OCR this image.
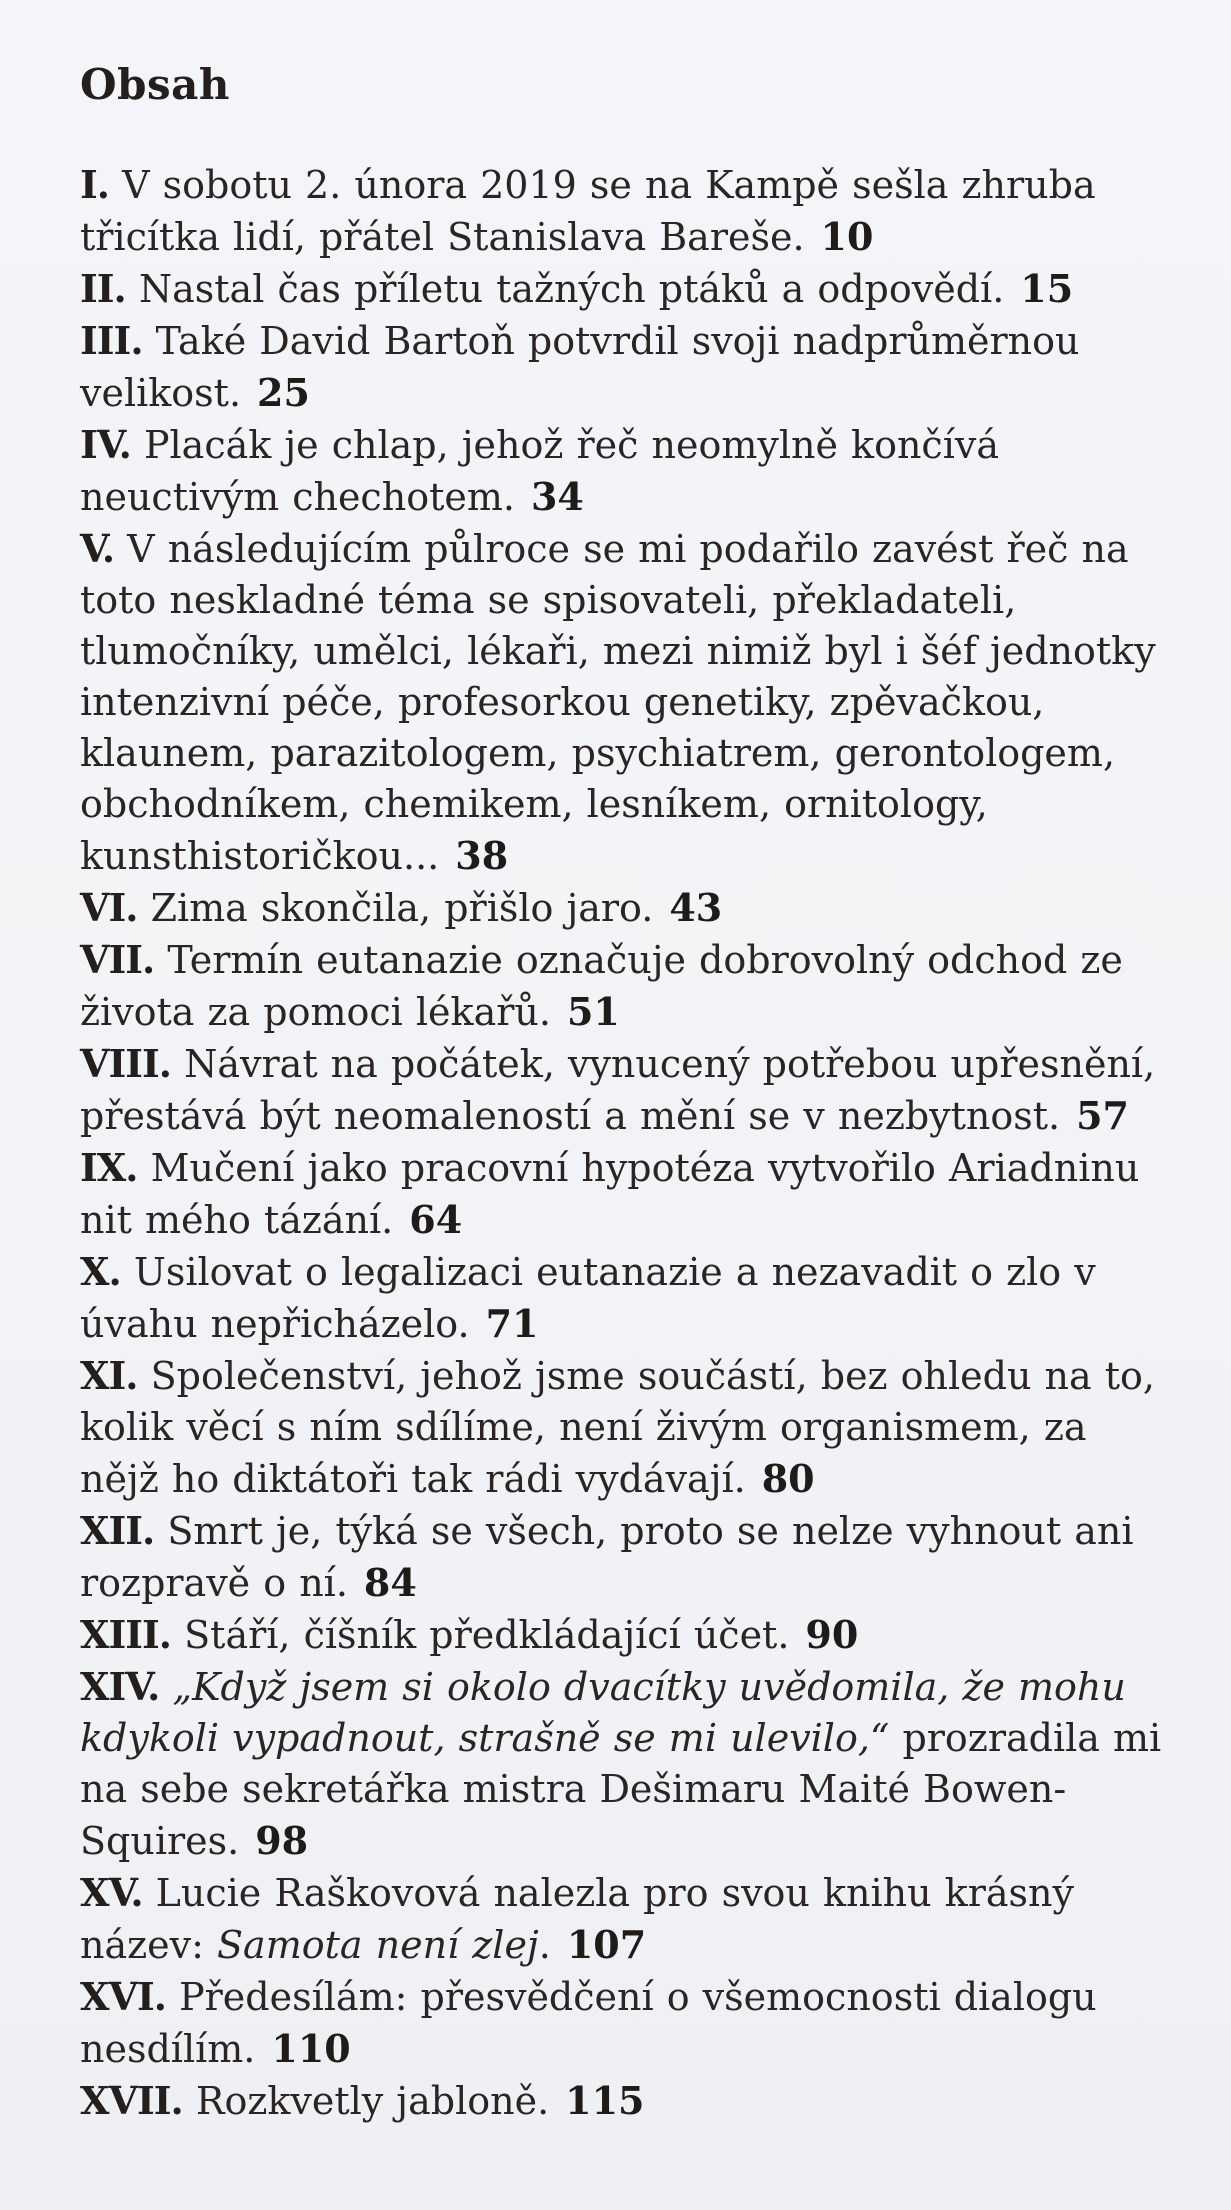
Obsah

I. V sobotu 2. února 2019 se na Kampě sešla zhruba třicítka lidí, přátel Stanislava Bareše. 10

II. Nastal čas příletu tažných ptáků a odpovědí. 15

III. Také David Bartoň potvrdil svoji nadprůměrnou velikost. 25

IV. Placák je chlap, jehož řeč neomylně končívá neuctivým chechotem. 34

V. V následujícím půlroce se mi podařilo zavést řeč na toto neskladné téma se spisovateli, překladateli, tlumočníky, umělci, lékaři, mezi nimiž byl i šéf jednotky intenzivní péče, profesorkou genetiky, zpěvačkou, klaunem, parazitologem, psychiatrem, gerontologem, obchodníkem, chemikem, lesníkem, ornitology, kunsthistoričkou... 38

VI. Zima skončila, přišlo jaro. 43

VII. Termín eutanazie označuje dobrovolný odchod ze života za pomoci lékařů. 51

VIII. Návrat na počátek, vynucený potřebou upřesnění, přestává být neomaleností a mění se v nezbytnost. 57

IX. Mučení jako pracovní hypotéza vytvořilo Ariadninu nit mého tázání. 64

X. Usilovat o legalizaci eutanazie a nezavadit o zlo v úvahu nepřicházelo. 71

XI. Společenství, jehož jsme součástí, bez ohledu na to, kolik věcí s ním sdílíme, není živým organismem, za nějž ho diktátoři tak rádi vydávají. 80

XII. Smrt je, týká se všech, proto se nelze vyhnout ani rozpravě o ní. 84

XIII. Stáří, číšník předkládající účet. 90

XIV. „Když jsem si okolo dvacítky uvědomila, že mohu kdykoli vypadnout, strašně se mi ulevilo,“ prozradila mi na sebe sekretářka mistra Dešimaru Maité Bowen-Squires. 98

XV. Lucie Raškovová nalezla pro svou knihu krásný název: Samota není zlej. 107

XVI. Předesílám: přesvědčení o všemocnosti dialogu nesdílím. 110

XVII. Rozkvetly jabloně. 115
